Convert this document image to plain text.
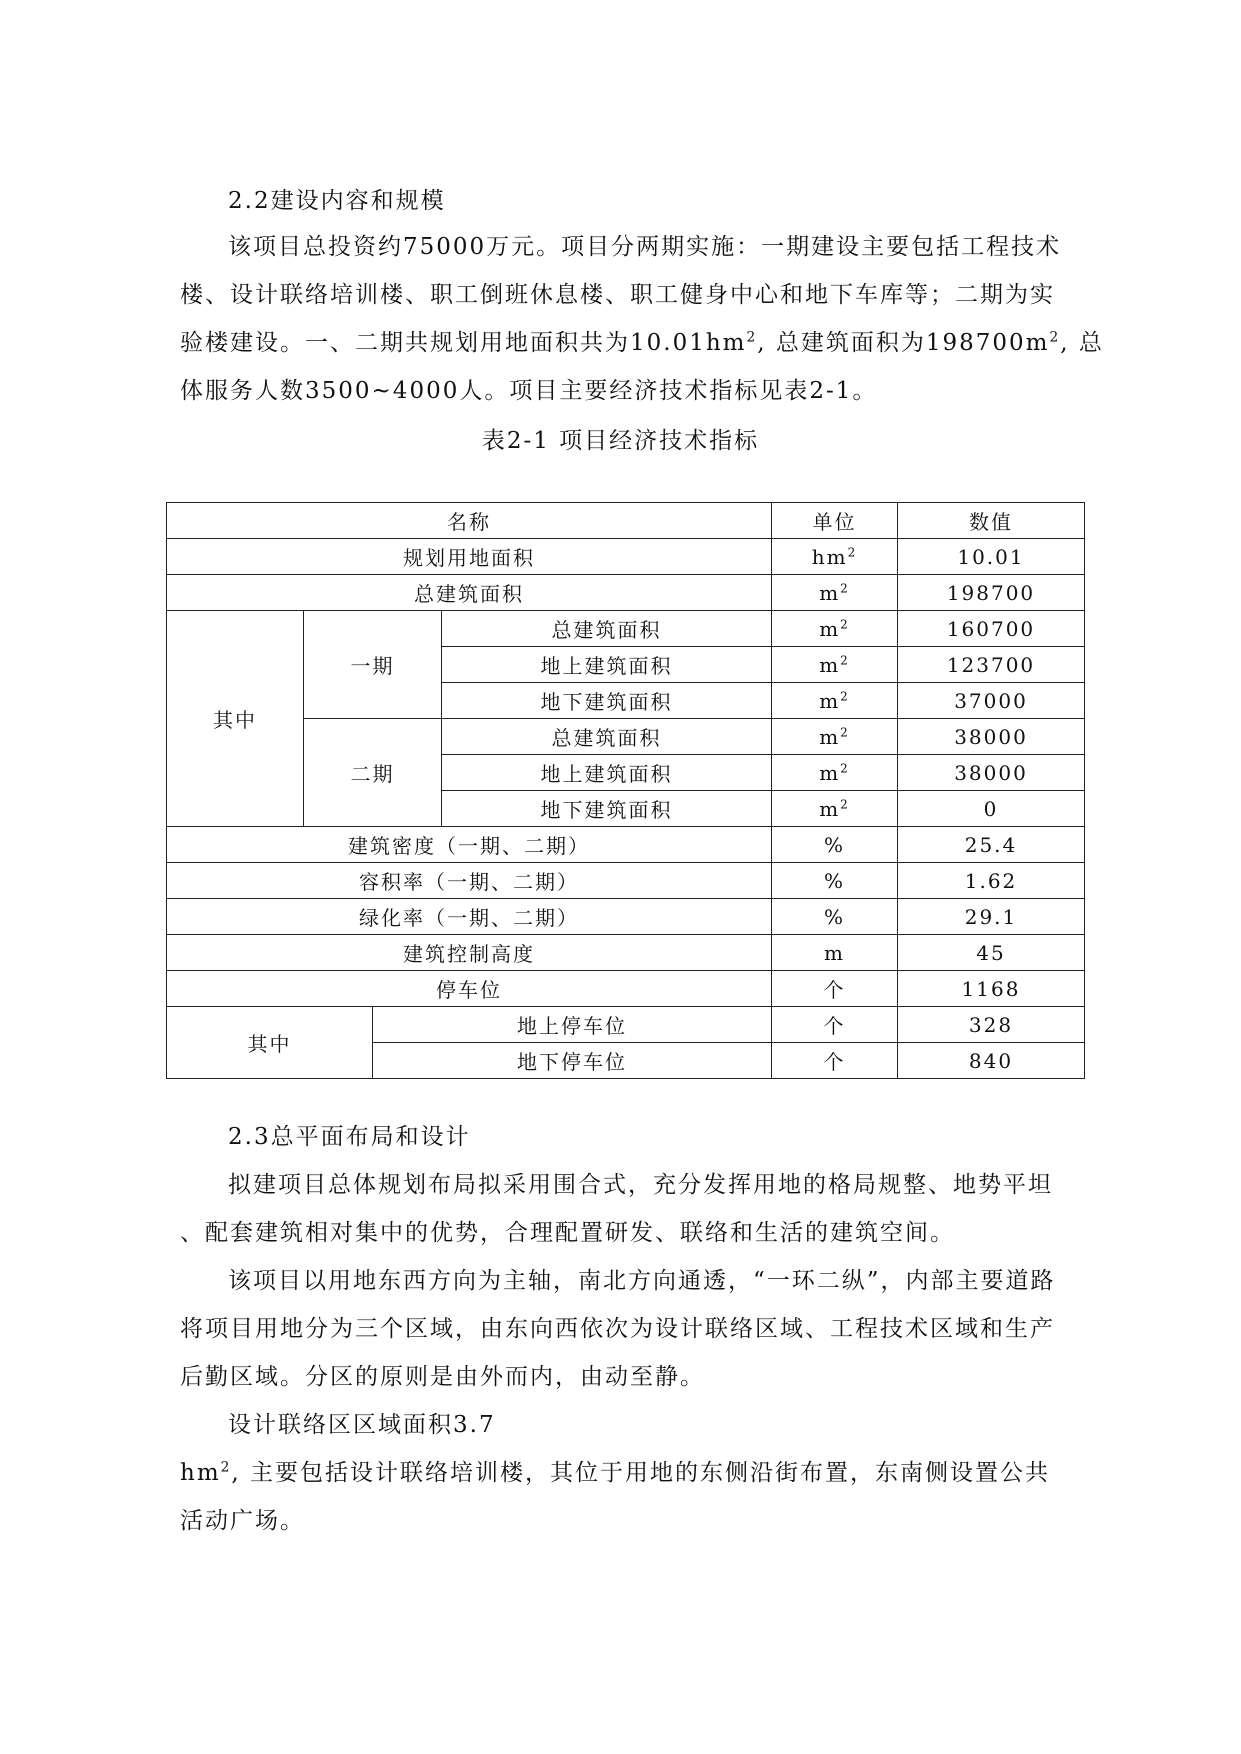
2.2建设内容和规模
该项目总投资约75000万元。项目分两期实施：一期建设主要包括工程技术
楼、设计联络培训楼、职工倒班休息楼、职工健身中心和地下车库等；二期为实
验楼建设。一、二期共规划用地面积共为$10.01hm^2$, 总建筑面积为$198700m^2$, 总
体服务人数3500~4000人。项目主要经济技术指标见表2-1。
表2-1 项目经济技术指标
名称				单位	数值
规划用地面积				$hm^2$	10.01
总建筑面积				$m^2$	198700
其中	一期		总建筑面积	$m^2$	160700
			地上建筑面积	$m^2$	123700
			地下建筑面积	$m^2$	37000
	二期		总建筑面积	$m^2$	38000
			地上建筑面积	$m^2$	38000
			地下建筑面积	$m^2$	0
建筑密度（一期、二期）				%	25.4
容积率（一期、二期）				%	1.62
绿化率（一期、二期）				%	29.1
建筑控制高度				m	45
停车位				个	1168
其中		地上停车位		个	328
		地下停车位		个	840
2.3总平面布局和设计
拟建项目总体规划布局拟采用围合式，充分发挥用地的格局规整、地势平坦
、配套建筑相对集中的优势，合理配置研发、联络和生活的建筑空间。
该项目以用地东西方向为主轴，南北方向通透，“一环二纵”，内部主要道路
将项目用地分为三个区域，由东向西依次为设计联络区域、工程技术区域和生产
后勤区域。分区的原则是由外而内，由动至静。
设计联络区区域面积3.7
$hm^2$, 主要包括设计联络培训楼，其位于用地的东侧沿街布置，东南侧设置公共
活动广场。
